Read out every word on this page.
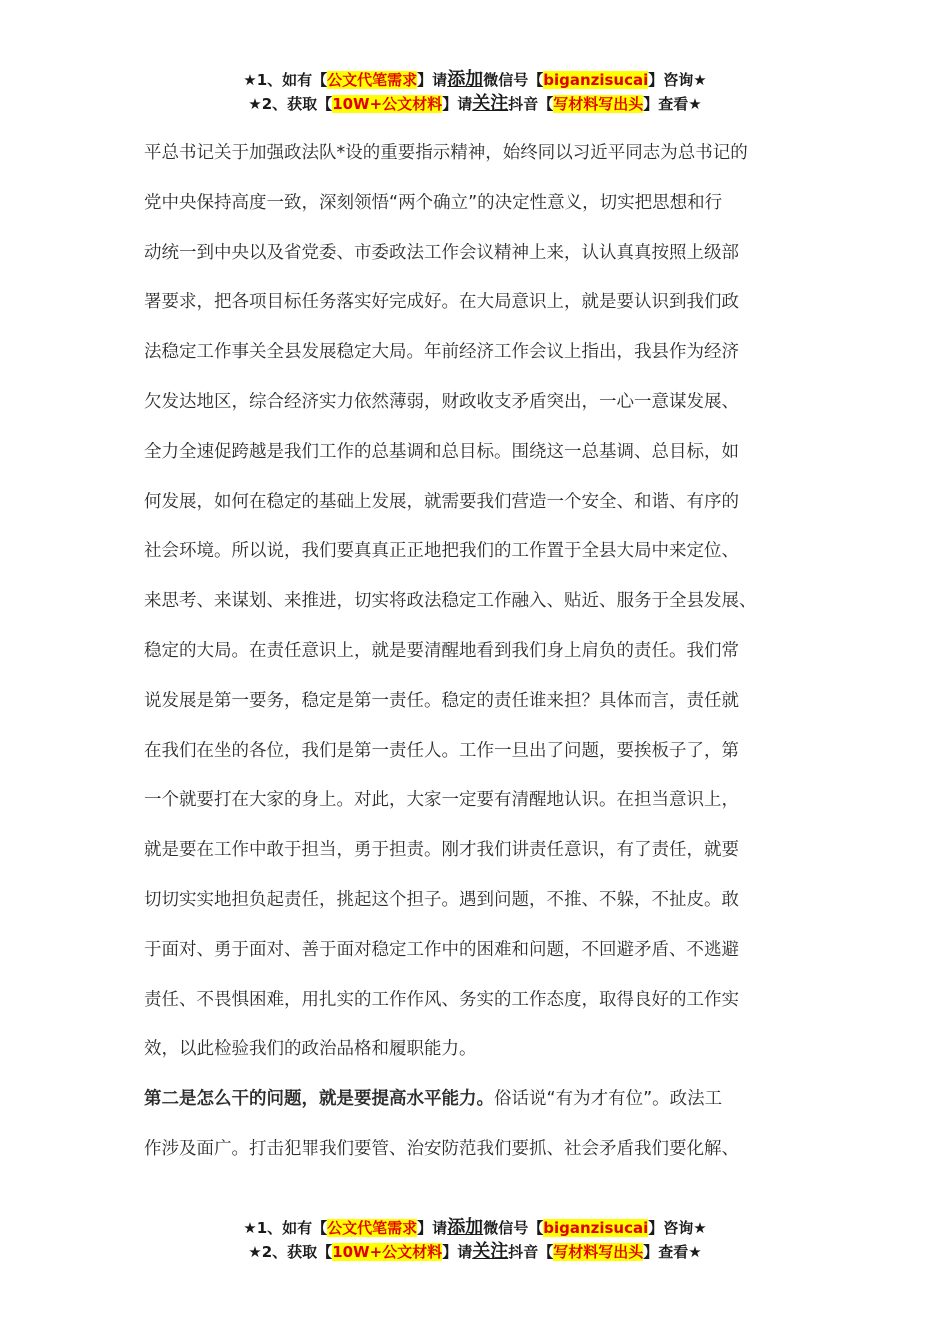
★1、如有【公文代笔需求】请添加微信号【biganzisucai】咨询★
★2、获取【10W+公文材料】请关注抖音【写材料写出头】查看★

平总书记关于加强政法队*设的重要指示精神，始终同以习近平同志为总书记的
党中央保持高度一致，深刻领悟“两个确立”的决定性意义，切实把思想和行
动统一到中央以及省党委、市委政法工作会议精神上来，认认真真按照上级部
署要求，把各项目标任务落实好完成好。在大局意识上，就是要认识到我们政
法稳定工作事关全县发展稳定大局。年前经济工作会议上指出，我县作为经济
欠发达地区，综合经济实力依然薄弱，财政收支矛盾突出，一心一意谋发展、
全力全速促跨越是我们工作的总基调和总目标。围绕这一总基调、总目标，如
何发展，如何在稳定的基础上发展，就需要我们营造一个安全、和谐、有序的
社会环境。所以说，我们要真真正正地把我们的工作置于全县大局中来定位、
来思考、来谋划、来推进，切实将政法稳定工作融入、贴近、服务于全县发展、
稳定的大局。在责任意识上，就是要清醒地看到我们身上肩负的责任。我们常
说发展是第一要务，稳定是第一责任。稳定的责任谁来担？具体而言，责任就
在我们在坐的各位，我们是第一责任人。工作一旦出了问题，要挨板子了，第
一个就要打在大家的身上。对此，大家一定要有清醒地认识。在担当意识上，
就是要在工作中敢于担当，勇于担责。刚才我们讲责任意识，有了责任，就要
切切实实地担负起责任，挑起这个担子。遇到问题，不推、不躲，不扯皮。敢
于面对、勇于面对、善于面对稳定工作中的困难和问题，不回避矛盾、不逃避
责任、不畏惧困难，用扎实的工作作风、务实的工作态度，取得良好的工作实
效，以此检验我们的政治品格和履职能力。

第二是怎么干的问题，就是要提高水平能力。俗话说“有为才有位”。政法工
作涉及面广。打击犯罪我们要管、治安防范我们要抓、社会矛盾我们要化解、

★1、如有【公文代笔需求】请添加微信号【biganzisucai】咨询★
★2、获取【10W+公文材料】请关注抖音【写材料写出头】查看★
